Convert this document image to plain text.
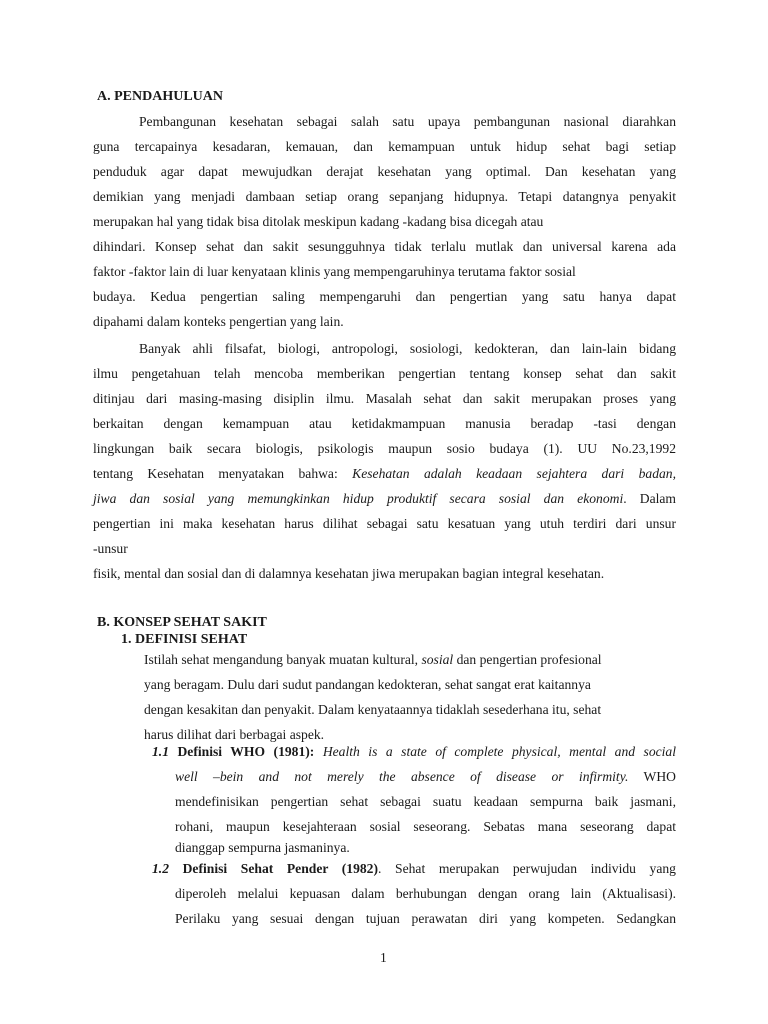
A. PENDAHULUAN
Pembangunan kesehatan sebagai salah satu upaya pembangunan nasional diarahkan
guna tercapainya kesadaran, kemauan, dan kemampuan untuk hidup sehat bagi setiap
penduduk agar dapat mewujudkan derajat kesehatan yang optimal. Dan kesehatan yang
demikian yang menjadi dambaan setiap orang sepanjang hidupnya. Tetapi datangnya penyakit
merupakan hal yang tidak bisa ditolak meskipun kadang -kadang bisa dicegah atau
dihindari. Konsep sehat dan sakit sesungguhnya tidak terlalu mutlak dan universal karena ada
faktor -faktor lain di luar kenyataan klinis yang mempengaruhinya terutama faktor sosial
budaya. Kedua pengertian saling mempengaruhi dan pengertian yang satu hanya dapat
dipahami dalam konteks pengertian yang lain.
Banyak ahli filsafat, biologi, antropologi, sosiologi, kedokteran, dan lain-lain bidang
ilmu pengetahuan telah mencoba memberikan pengertian tentang konsep sehat dan sakit
ditinjau dari masing-masing disiplin ilmu. Masalah sehat dan sakit merupakan proses yang
berkaitan dengan kemampuan atau ketidakmampuan manusia beradap -tasi dengan
lingkungan baik secara biologis, psikologis maupun sosio budaya (1). UU No.23,1992
tentang Kesehatan menyatakan bahwa: Kesehatan adalah keadaan sejahtera dari badan,
jiwa dan sosial yang memungkinkan hidup produktif secara sosial dan ekonomi. Dalam
pengertian ini maka kesehatan harus dilihat sebagai satu kesatuan yang utuh terdiri dari unsur
-unsur
fisik, mental dan sosial dan di dalamnya kesehatan jiwa merupakan bagian integral kesehatan.
B. KONSEP SEHAT SAKIT
1. DEFINISI SEHAT
Istilah sehat mengandung banyak muatan kultural, sosial dan pengertian profesional
yang beragam. Dulu dari sudut pandangan kedokteran, sehat sangat erat kaitannya
dengan kesakitan dan penyakit. Dalam kenyataannya tidaklah sesederhana itu, sehat
harus dilihat dari berbagai aspek.
1.1 Definisi WHO (1981): Health is a state of complete physical, mental and social
well –bein and not merely the absence of disease or infirmity. WHO
mendefinisikan pengertian sehat sebagai suatu keadaan sempurna baik jasmani,
rohani, maupun kesejahteraan sosial seseorang. Sebatas mana seseorang dapat
dianggap sempurna jasmaninya.
1.2 Definisi Sehat Pender (1982). Sehat merupakan perwujudan individu yang
diperoleh melalui kepuasan dalam berhubungan dengan orang lain (Aktualisasi).
Perilaku yang sesuai dengan tujuan perawatan diri yang kompeten. Sedangkan
1
